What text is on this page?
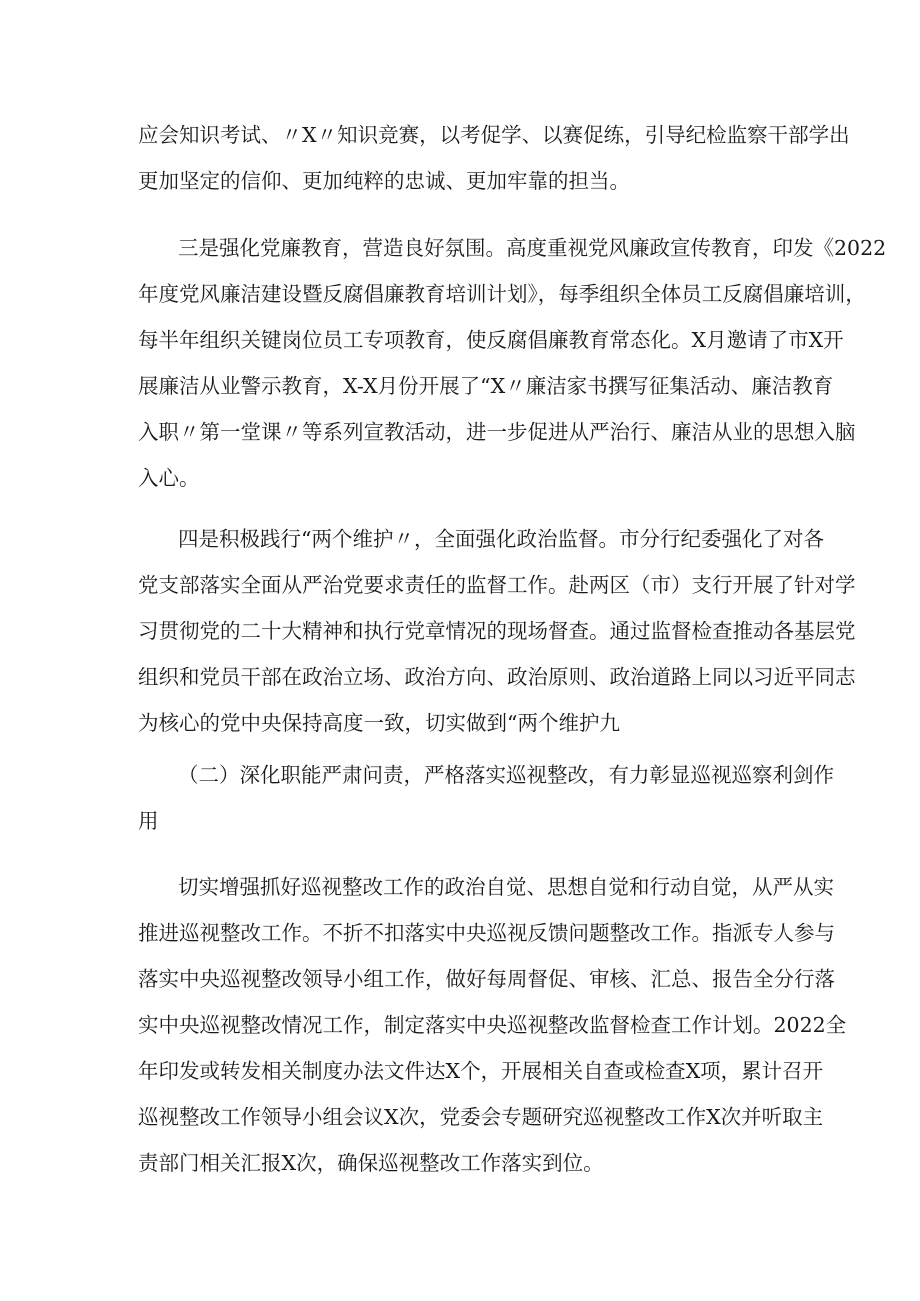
应会知识考试、〃X〃知识竞赛，以考促学、以赛促练，引导纪检监察干部学出
更加坚定的信仰、更加纯粹的忠诚、更加牢靠的担当。
三是强化党廉教育，营造良好氛围。高度重视党风廉政宣传教育，印发《2022
年度党风廉洁建设暨反腐倡廉教育培训计划》，每季组织全体员工反腐倡廉培训，
每半年组织关键岗位员工专项教育，使反腐倡廉教育常态化。X月邀请了市X开
展廉洁从业警示教育，X-X月份开展了“X〃廉洁家书撰写征集活动、廉洁教育
入职〃第一堂课〃等系列宣教活动，进一步促进从严治行、廉洁从业的思想入脑
入心。
四是积极践行“两个维护〃，全面强化政治监督。市分行纪委强化了对各
党支部落实全面从严治党要求责任的监督工作。赴两区（市）支行开展了针对学
习贯彻党的二十大精神和执行党章情况的现场督查。通过监督检查推动各基层党
组织和党员干部在政治立场、政治方向、政治原则、政治道路上同以习近平同志
为核心的党中央保持高度一致，切实做到“两个维护九
（二）深化职能严肃问责，严格落实巡视整改，有力彰显巡视巡察利剑作
用
切实增强抓好巡视整改工作的政治自觉、思想自觉和行动自觉，从严从实
推进巡视整改工作。不折不扣落实中央巡视反馈问题整改工作。指派专人参与
落实中央巡视整改领导小组工作，做好每周督促、审核、汇总、报告全分行落
实中央巡视整改情况工作，制定落实中央巡视整改监督检查工作计划。2022全
年印发或转发相关制度办法文件达X个，开展相关自查或检查X项，累计召开
巡视整改工作领导小组会议X次，党委会专题研究巡视整改工作X次并听取主
责部门相关汇报X次，确保巡视整改工作落实到位。
